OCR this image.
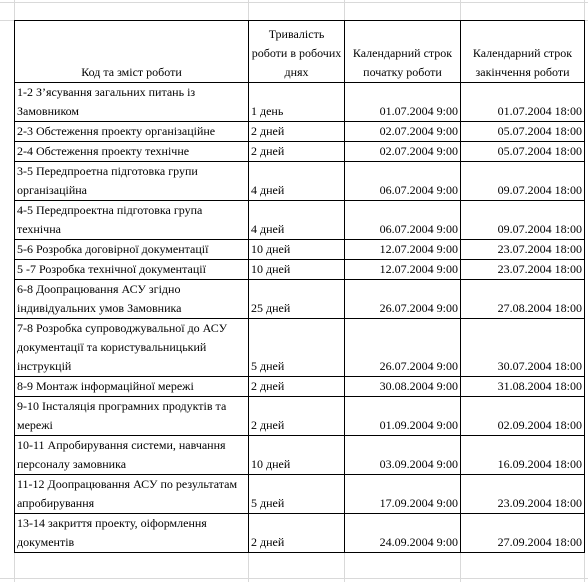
Код та зміст роботи	Тривалість роботи в робочих днях	Календарний строк початку роботи	Календарний строк закінчення роботи
1-2 З’ясування загальних питань із Замовником	1 день	01.07.2004 9:00	01.07.2004 18:00
2-3 Обстеження проекту організаційне	2 дней	02.07.2004 9:00	05.07.2004 18:00
2-4 Обстеження проекту технічне	2 дней	02.07.2004 9:00	05.07.2004 18:00
3-5 Передпроетна підготовка групи організаційна	4 дней	06.07.2004 9:00	09.07.2004 18:00
4-5 Передпроектна підготовка група технічна	4 дней	06.07.2004 9:00	09.07.2004 18:00
5-6 Розробка договірної документації	10 дней	12.07.2004 9:00	23.07.2004 18:00
5 -7 Розробка технічної документації	10 дней	12.07.2004 9:00	23.07.2004 18:00
6-8 Доопрацювання АСУ згідно індивідуальних умов Замовника	25 дней	26.07.2004 9:00	27.08.2004 18:00
7-8 Розробка супроводжувальної до АСУ документації та користувальницький інструкцій	5 дней	26.07.2004 9:00	30.07.2004 18:00
8-9 Монтаж інформаційної мережі	2 дней	30.08.2004 9:00	31.08.2004 18:00
9-10 Інсталяція програмних продуктів та мережі	2 дней	01.09.2004 9:00	02.09.2004 18:00
10-11 Апробирування системи, навчання персоналу замовника	10 дней	03.09.2004 9:00	16.09.2004 18:00
11-12 Доопрацювання АСУ по результатам апробирування	5 дней	17.09.2004 9:00	23.09.2004 18:00
13-14 закриття проекту, оіформлення документів	2 дней	24.09.2004 9:00	27.09.2004 18:00
